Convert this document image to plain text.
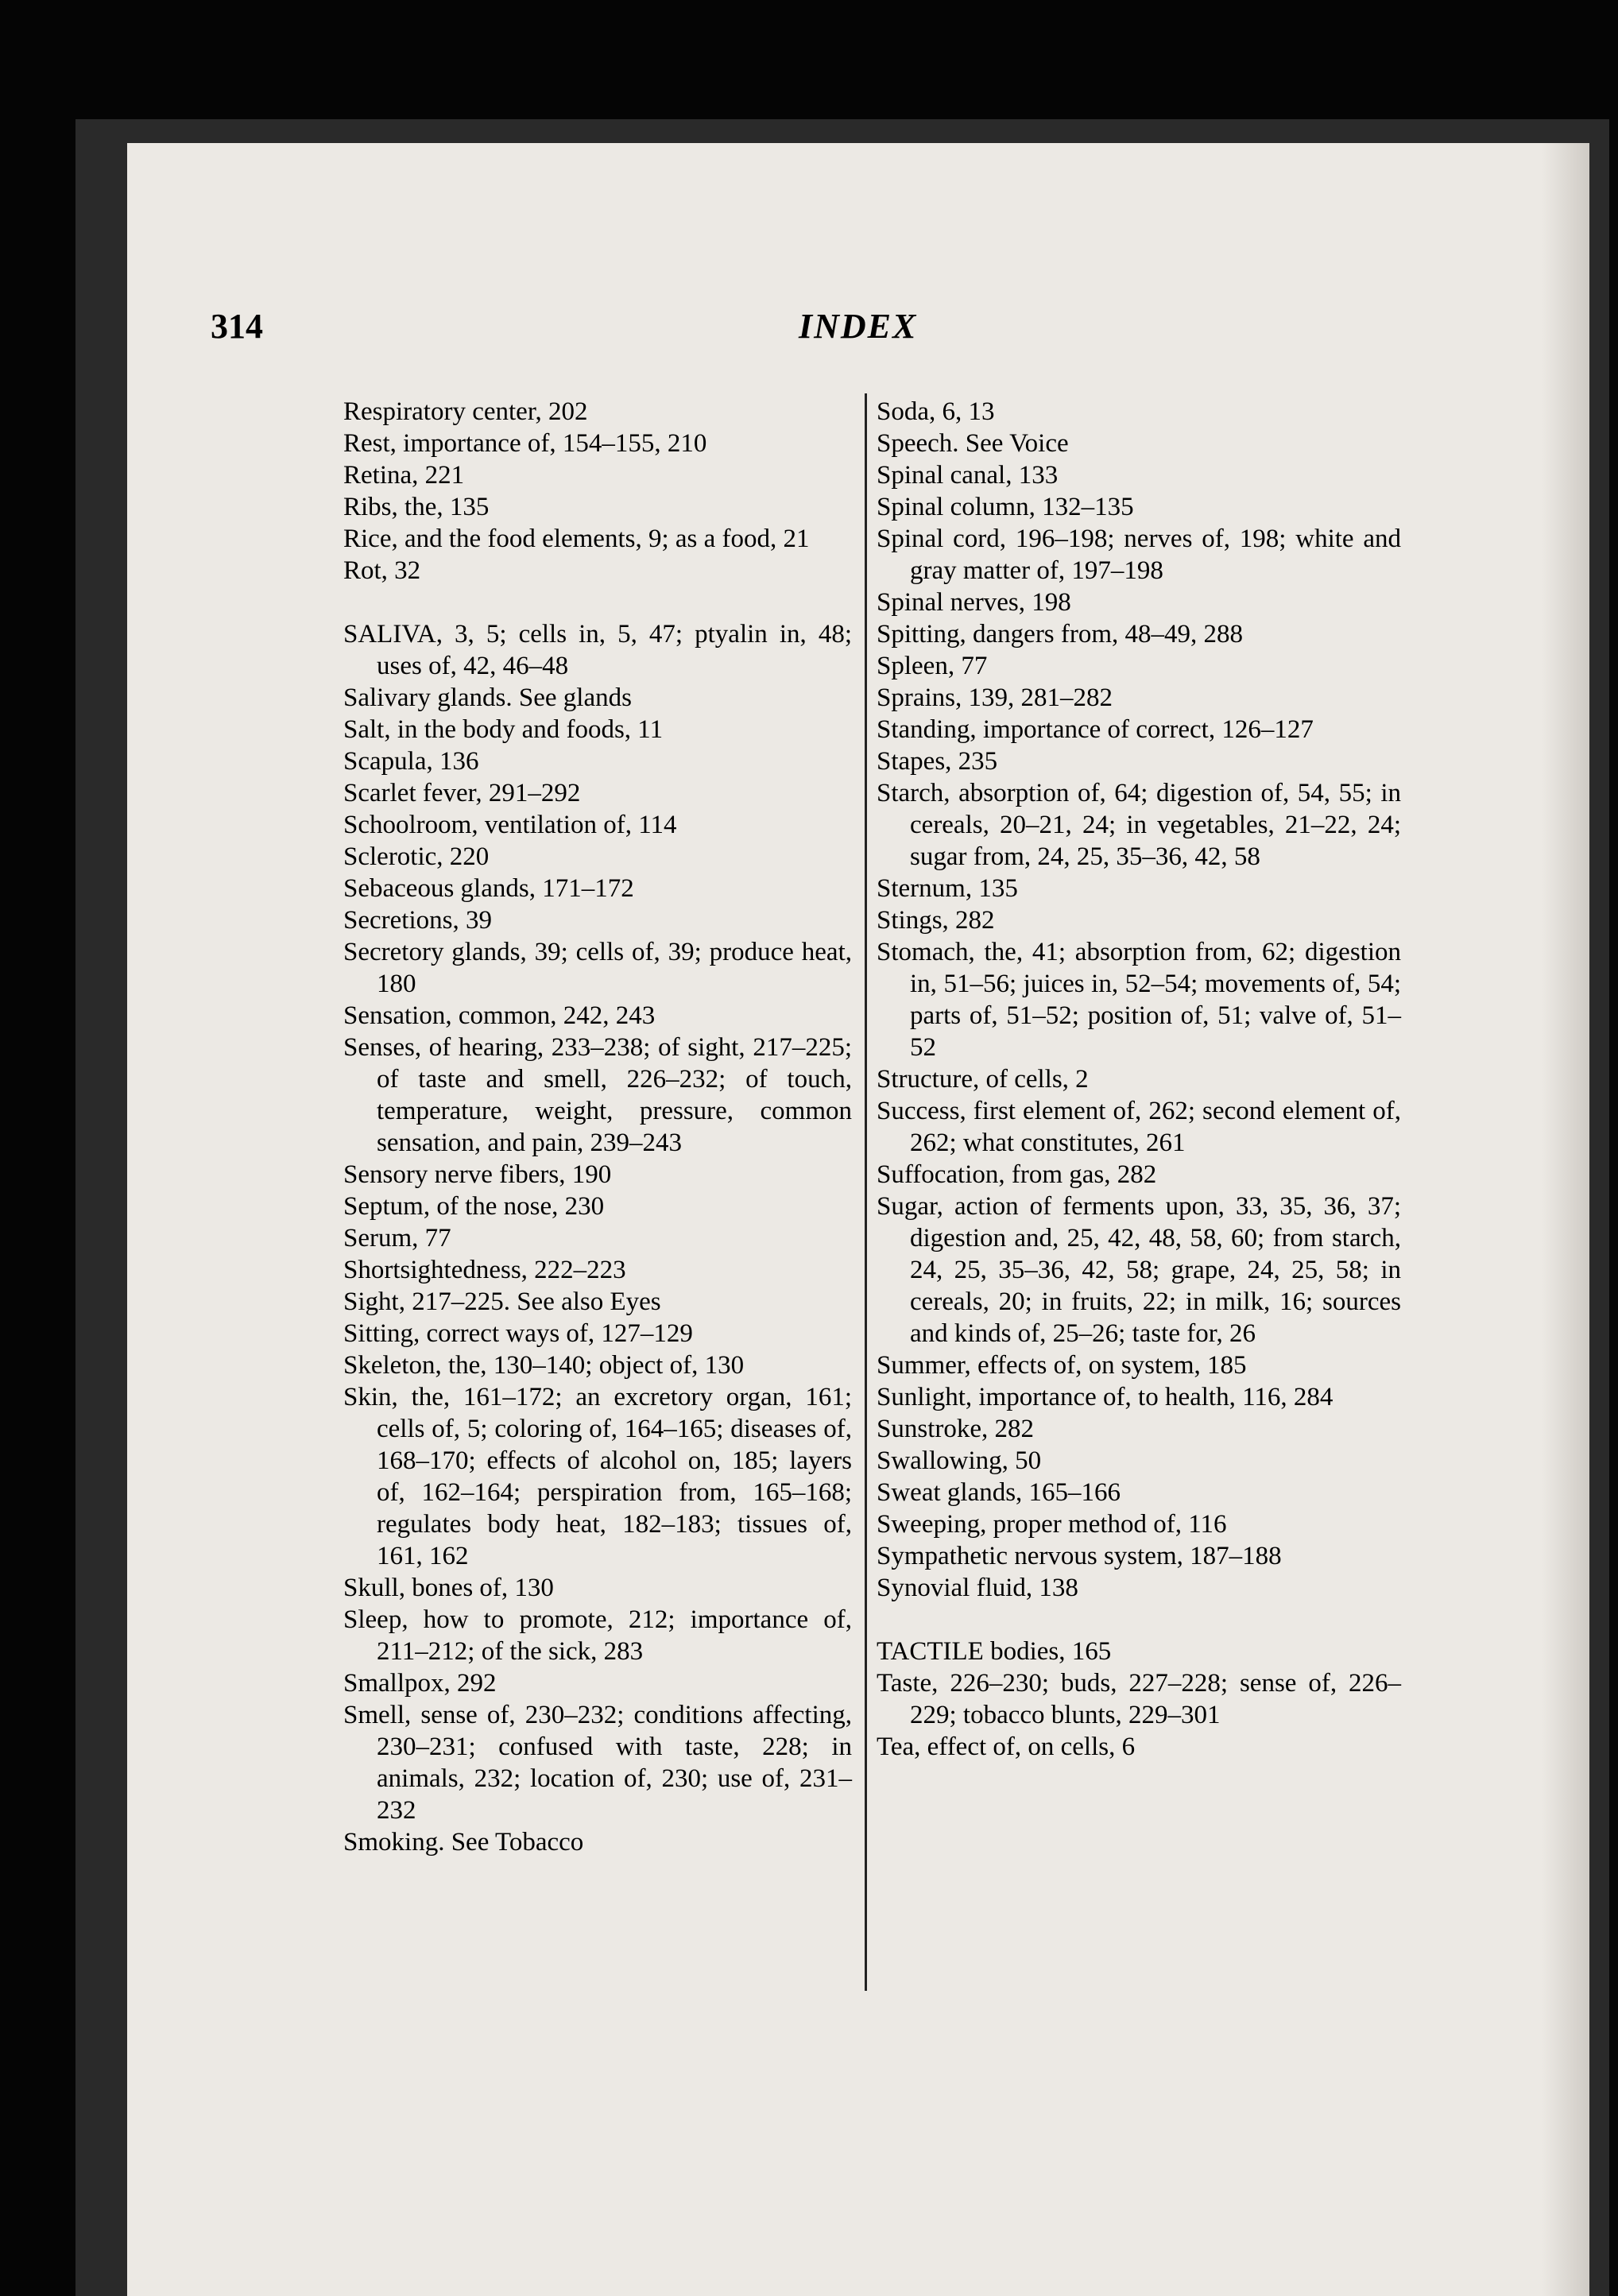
314	INDEX

Respiratory center, 202

Rest, importance of, 154–155, 210

Retina, 221

Ribs, the, 135

Rice, and the food elements, 9; as a food, 21

Rot, 32

SALIVA, 3, 5; cells in, 5, 47; ptyalin in, 48; uses of, 42, 46–48

Salivary glands. See glands

Salt, in the body and foods, 11

Scapula, 136

Scarlet fever, 291–292

Schoolroom, ventilation of, 114

Sclerotic, 220

Sebaceous glands, 171–172

Secretions, 39

Secretory glands, 39; cells of, 39; produce heat, 180

Sensation, common, 242, 243

Senses, of hearing, 233–238; of sight, 217–225; of taste and smell, 226–232; of touch, temperature, weight, pressure, common sensation, and pain, 239–243

Sensory nerve fibers, 190

Septum, of the nose, 230

Serum, 77

Shortsightedness, 222–223

Sight, 217–225. See also Eyes

Sitting, correct ways of, 127–129

Skeleton, the, 130–140; object of, 130

Skin, the, 161–172; an excretory organ, 161; cells of, 5; coloring of, 164–165; diseases of, 168–170; effects of alcohol on, 185; layers of, 162–164; perspiration from, 165–168; regulates body heat, 182–183; tissues of, 161, 162

Skull, bones of, 130

Sleep, how to promote, 212; importance of, 211–212; of the sick, 283

Smallpox, 292

Smell, sense of, 230–232; conditions affecting, 230–231; confused with taste, 228; in animals, 232; location of, 230; use of, 231–232

Smoking. See Tobacco

Soda, 6, 13

Speech. See Voice

Spinal canal, 133

Spinal column, 132–135

Spinal cord, 196–198; nerves of, 198; white and gray matter of, 197–198

Spinal nerves, 198

Spitting, dangers from, 48–49, 288

Spleen, 77

Sprains, 139, 281–282

Standing, importance of correct, 126–127

Stapes, 235

Starch, absorption of, 64; digestion of, 54, 55; in cereals, 20–21, 24; in vegetables, 21–22, 24; sugar from, 24, 25, 35–36, 42, 58

Sternum, 135

Stings, 282

Stomach, the, 41; absorption from, 62; digestion in, 51–56; juices in, 52–54; movements of, 54; parts of, 51–52; position of, 51; valve of, 51–52

Structure, of cells, 2

Success, first element of, 262; second element of, 262; what constitutes, 261

Suffocation, from gas, 282

Sugar, action of ferments upon, 33, 35, 36, 37; digestion and, 25, 42, 48, 58, 60; from starch, 24, 25, 35–36, 42, 58; grape, 24, 25, 58; in cereals, 20; in fruits, 22; in milk, 16; sources and kinds of, 25–26; taste for, 26

Summer, effects of, on system, 185

Sunlight, importance of, to health, 116, 284

Sunstroke, 282

Swallowing, 50

Sweat glands, 165–166

Sweeping, proper method of, 116

Sympathetic nervous system, 187–188

Synovial fluid, 138

TACTILE bodies, 165

Taste, 226–230; buds, 227–228; sense of, 226–229; tobacco blunts, 229–301

Tea, effect of, on cells, 6
